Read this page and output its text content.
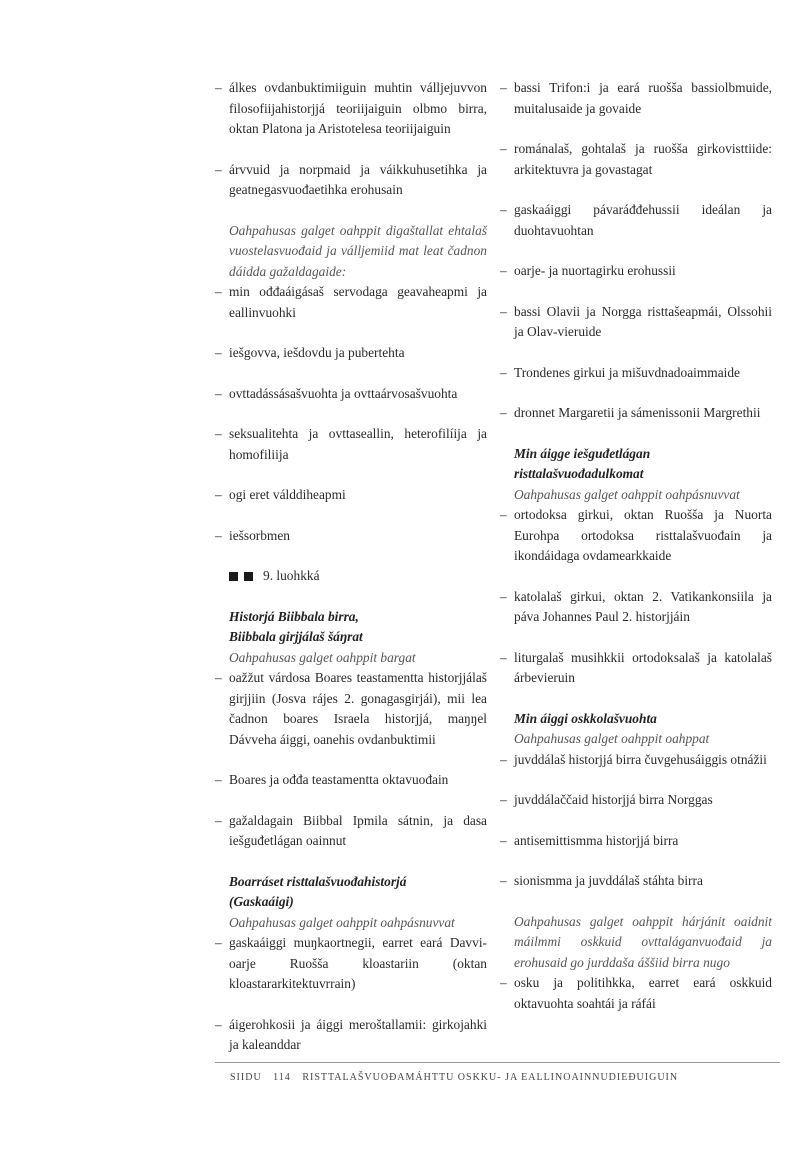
– álkes ovdanbuktimiiguin muhtin válljejuvvon filosofiijahistorjjá teoriijaiguin olbmo birra, oktan Platona ja Aristotelesa teoriijaiguin

– árvvuid ja norpmaid ja váikkuhusetihka ja geatnegasvuođaetihka erohusain

Oahpahusas galget oahppit digaštallat ehtalaš vuostelasvuođaid ja válljemiid mat leat čadnon dáidda gažaldagaide:

– min ođđaáigásaš servodaga geavaheapmi ja eallinvuohki

– iešgovva, iešdovdu ja pubertehta

– ovttadássásašvuohta ja ovttaárvosašvuohta

– seksualitehta ja ovttaseallin, heterofilíija ja homofiliija

– ogi eret válddiheapmi

– iešsorbmen

9. luohkká

Historjá Biibbala birra,

Biibbala girjjálaš šáŋrat

Oahpahusas galget oahppit bargat

– oažžut várdosa Boares teastamentta historjjálaš girjjiin (Josva rájes 2. gonagasgirjái), mii lea čadnon boares Israela historjjá, maŋŋel Dávveha áiggi, oanehis ovdanbuktimii

– Boares ja ođđa teastamentta oktavuođain

– gažaldagain Biibbal Ipmila sátnin, ja dasa iešguđetlágan oainnut

Boarráset risttalašvuođahistorjá

(Gaskaáigi)

Oahpahusas galget oahppit oahpásnuvvat

– gaskaáiggi muŋkaortnegii, earret eará Davvi-oarje Ruošša kloastariin (oktan kloastararkitektuvrrain)

– áigerohkosii ja áiggi meroštallamii: girkojahki ja kaleanddar

– bassi Trifon:i ja eará ruošša bassiolbmuide, muitalusaide ja govaide

– románalaš, gohtalaš ja ruošša girkovisttiide: arkitektuvra ja govastagat

– gaskaáiggi pávaráđđehussii ideálan ja duohtavuohtan

– oarje- ja nuortagirku erohussii

– bassi Olavii ja Norgga risttašeapmái, Olssohii ja Olav-vieruide

– Trondenes girkui ja mišuvdnadoaimmaide

– dronnet Margaretii ja sámenissonii Margrethii

Min áigge iešguđetlágan

risttalašvuođadulkomat

Oahpahusas galget oahppit oahpásnuvvat

– ortodoksa girkui, oktan Ruošša ja Nuorta Eurohpa ortodoksa risttalašvuođain ja ikondáidaga ovdamearkkaide

– katolalaš girkui, oktan 2. Vatikankonsiila ja páva Johannes Paul 2. historjjáin

– liturgalaš musihkkii ortodoksalaš ja katolalaš árbevieruin

Min áiggi oskkolašvuohta

Oahpahusas galget oahppit oahppat

– juvddálaš historjjá birra čuvgehusáiggis otnážii

– juvddálaččaid historjjá birra Norggas

– antisemittismma historjjá birra

– sionismma ja juvddálaš stáhta birra

Oahpahusas galget oahppit hárjánit oaidnit máilmmi oskkuid ovttaláganvuođaid ja erohusaid go jurddaša áššiid birra nugo

– osku ja politihkka, earret eará oskkuid oktavuohta soahtái ja ráfái

SIIDU 114 RISTTALAŠVUOĐAMÁHTTU OSKKU- JA EALLINOAINNUDIEĐUIGUIN
